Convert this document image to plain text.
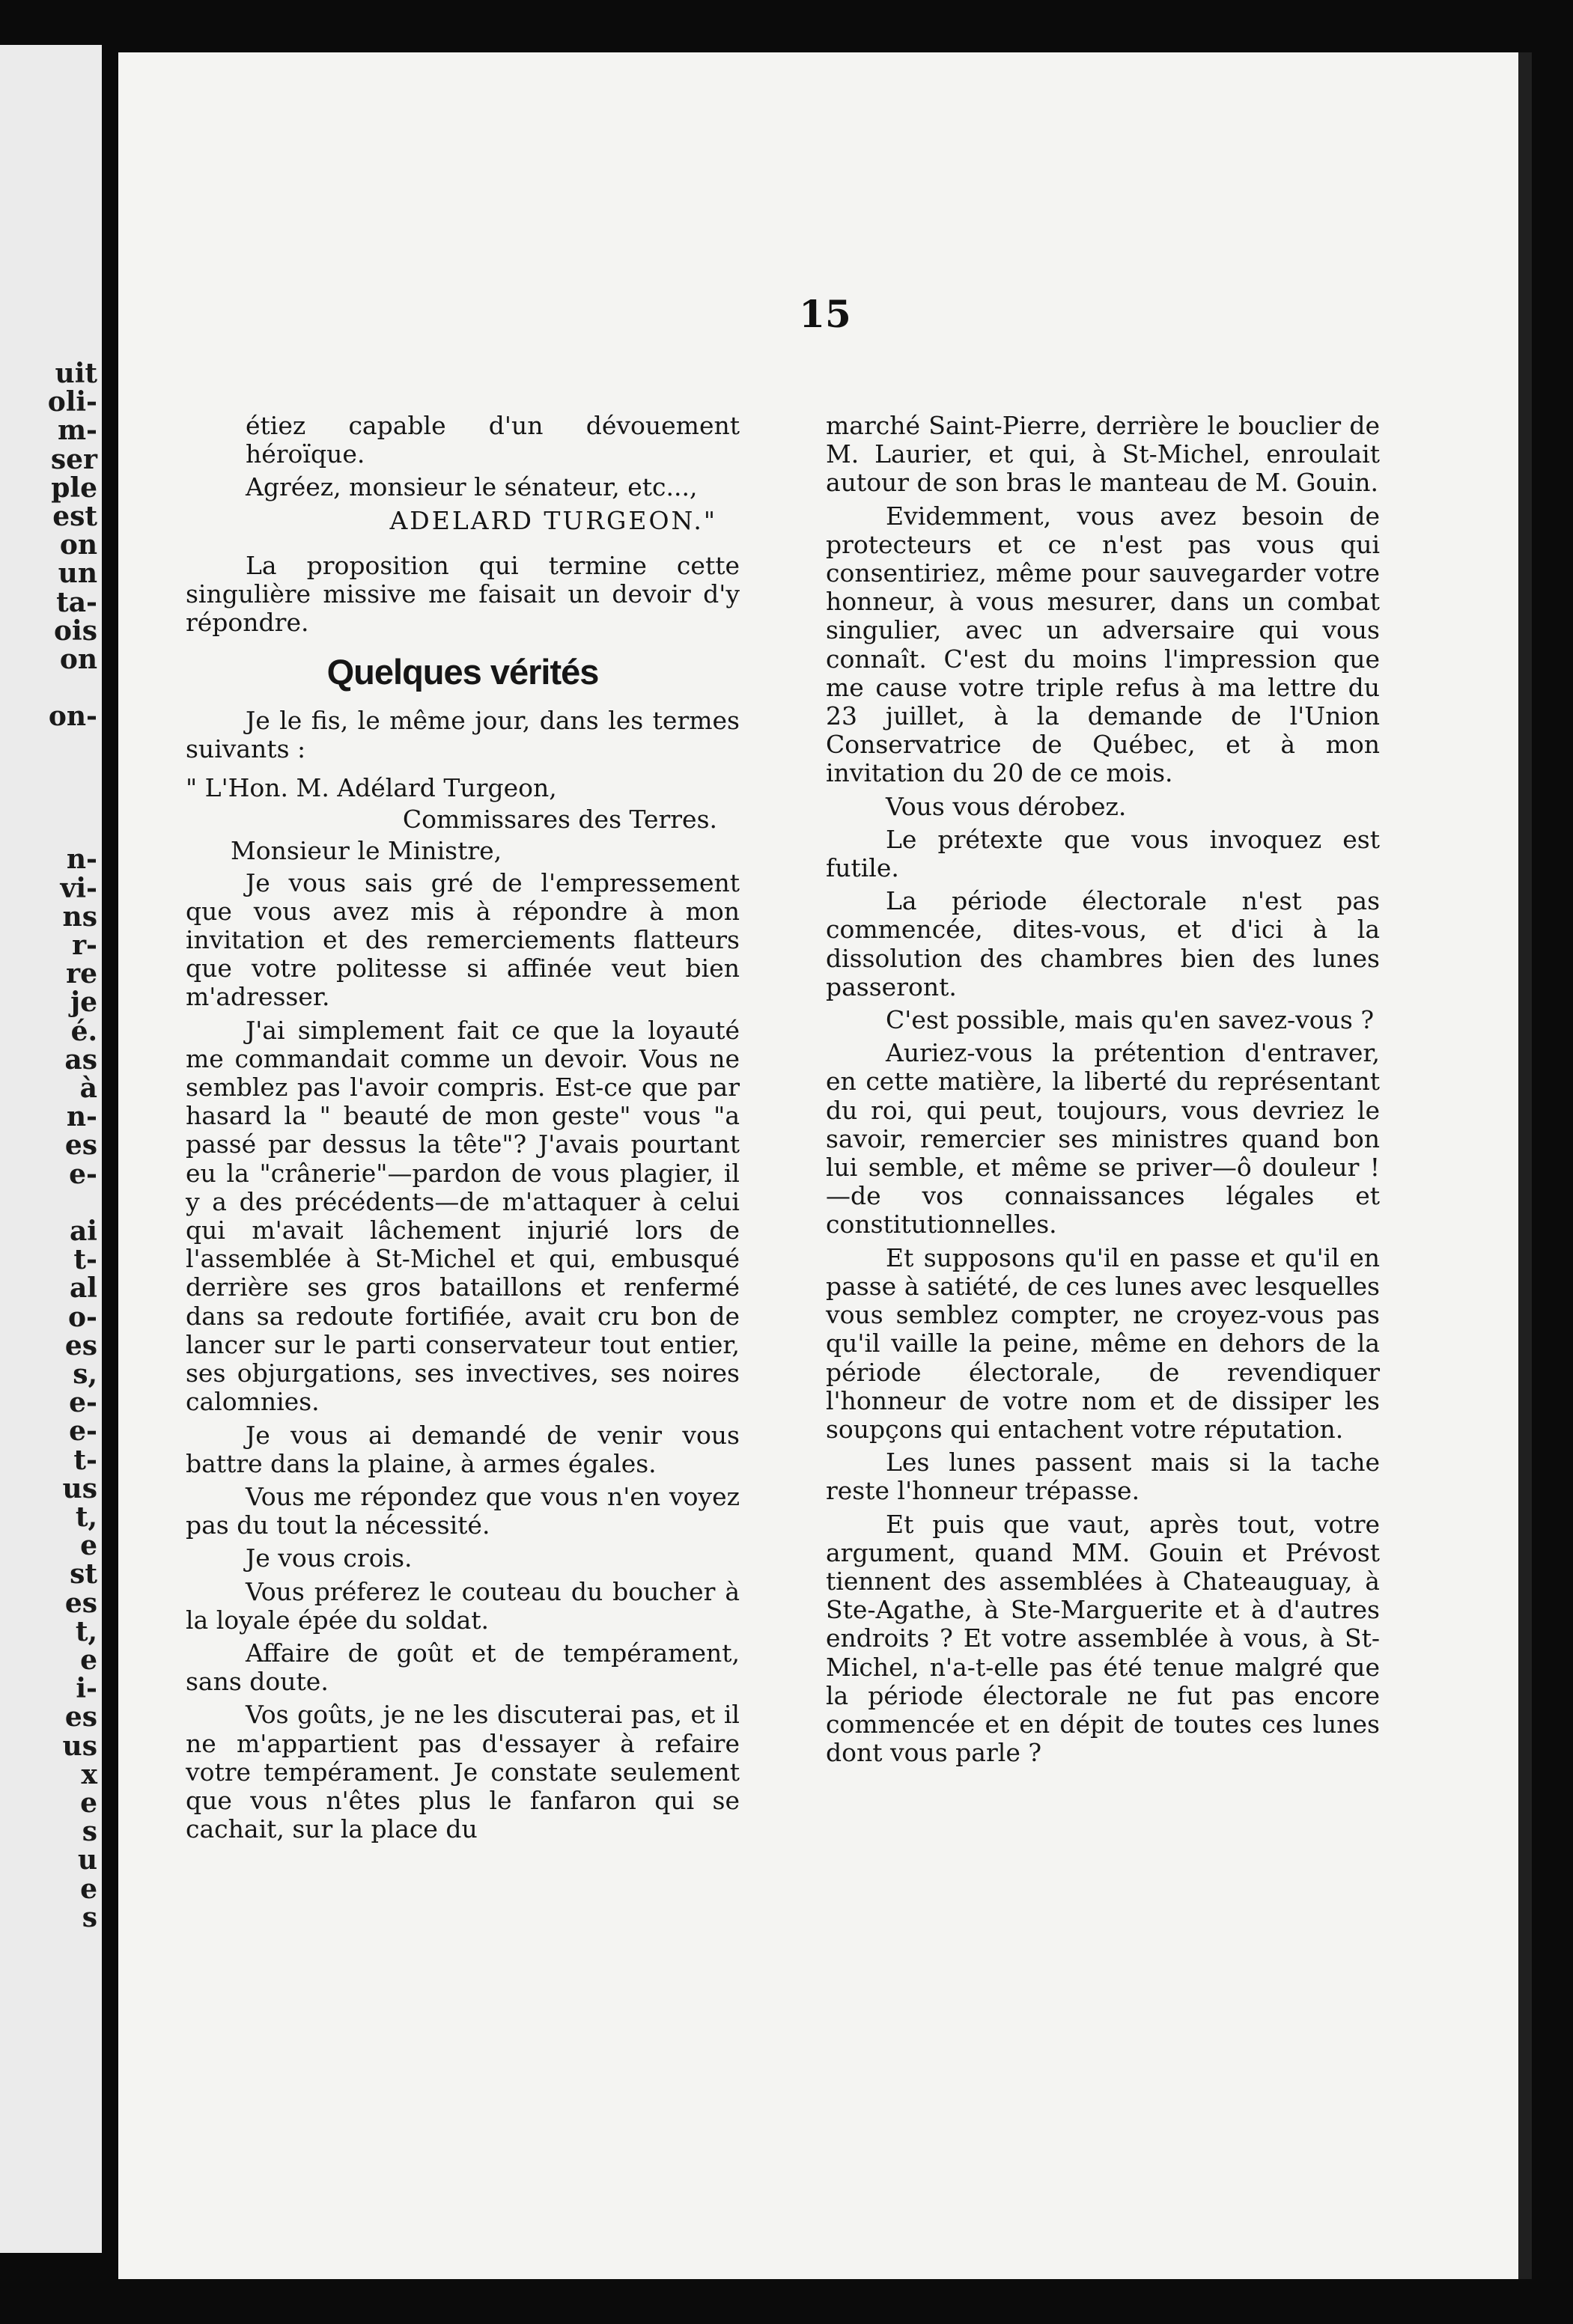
uit
oli-
m-
ser
ple
est
on
un
ta-
ois
on
on-
n-
vi-
ns
r-
re
je
é.
as
à
n-
es
e-
ai
t-
al
o-
es
s,
e-
e-
t-
us
t,
e
st
es
t,
e
i-
es
us
x
e
s
u
e
s
15

étiez capable d'un dévouement héroïque.

Agréez, monsieur le sénateur, etc...,

ADELARD TURGEON."

La proposition qui termine cette singulière missive me faisait un devoir d'y répondre.

Quelques vérités

Je le fis, le même jour, dans les termes suivants :

" L'Hon. M. Adélard Turgeon,

Commissares des Terres.

Monsieur le Ministre,

Je vous sais gré de l'empressement que vous avez mis à répondre à mon invitation et des remerciements flatteurs que votre politesse si affinée veut bien m'adresser.

J'ai simplement fait ce que la loyauté me commandait comme un devoir. Vous ne semblez pas l'avoir compris. Est-ce que par hasard la " beauté de mon geste" vous "a passé par dessus la tête"? J'avais pourtant eu la "crânerie"—pardon de vous plagier, il y a des précédents—de m'attaquer à celui qui m'avait lâchement injurié lors de l'assemblée à St-Michel et qui, embusqué derrière ses gros bataillons et renfermé dans sa redoute fortifiée, avait cru bon de lancer sur le parti conservateur tout entier, ses objurgations, ses invectives, ses noires calomnies.

Je vous ai demandé de venir vous battre dans la plaine, à armes égales.

Vous me répondez que vous n'en voyez pas du tout la nécessité.

Je vous crois.

Vous préferez le couteau du boucher à la loyale épée du soldat.

Affaire de goût et de tempérament, sans doute.

Vos goûts, je ne les discuterai pas, et il ne m'appartient pas d'essayer à refaire votre tempérament. Je constate seulement que vous n'êtes plus le fanfaron qui se cachait, sur la place du

marché Saint-Pierre, derrière le bouclier de M. Laurier, et qui, à St-Michel, enroulait autour de son bras le manteau de M. Gouin.

Evidemment, vous avez besoin de protecteurs et ce n'est pas vous qui consentiriez, même pour sauvegarder votre honneur, à vous mesurer, dans un combat singulier, avec un adversaire qui vous connaît. C'est du moins l'impression que me cause votre triple refus à ma lettre du 23 juillet, à la demande de l'Union Conservatrice de Québec, et à mon invitation du 20 de ce mois.

Vous vous dérobez.

Le prétexte que vous invoquez est futile.

La période électorale n'est pas commencée, dites-vous, et d'ici à la dissolution des chambres bien des lunes passeront.

C'est possible, mais qu'en savez-vous ?

Auriez-vous la prétention d'entraver, en cette matière, la liberté du représentant du roi, qui peut, toujours, vous devriez le savoir, remercier ses ministres quand bon lui semble, et même se priver—ô douleur !—de vos connaissances légales et constitutionnelles.

Et supposons qu'il en passe et qu'il en passe à satiété, de ces lunes avec lesquelles vous semblez compter, ne croyez-vous pas qu'il vaille la peine, même en dehors de la période électorale, de revendiquer l'honneur de votre nom et de dissiper les soupçons qui entachent votre réputation.

Les lunes passent mais si la tache reste l'honneur trépasse.

Et puis que vaut, après tout, votre argument, quand MM. Gouin et Prévost tiennent des assemblées à Chateauguay, à Ste-Agathe, à Ste-Marguerite et à d'autres endroits ? Et votre assemblée à vous, à St-Michel, n'a-t-elle pas été tenue malgré que la période électorale ne fut pas encore commencée et en dépit de toutes ces lunes dont vous parle ?
